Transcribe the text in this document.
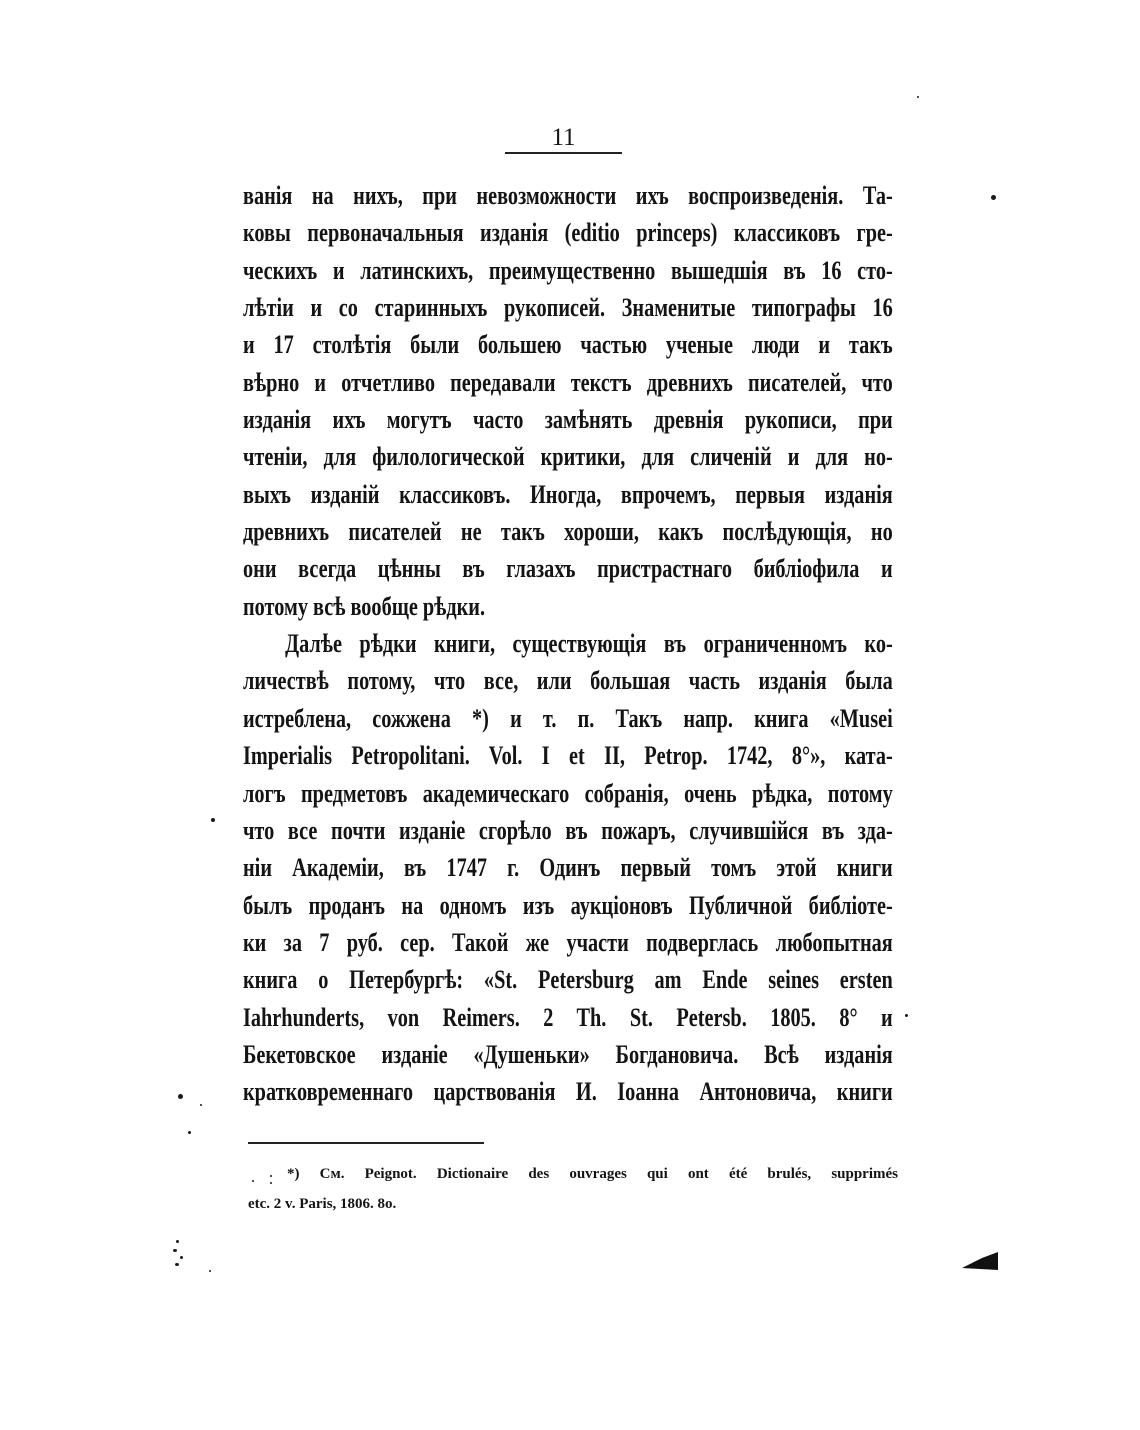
11
ванія на нихъ, при невозможности ихъ воспроизведенія. Та-
ковы первоначальныя изданія (editio princeps) классиковъ гре-
ческихъ и латинскихъ, преимущественно вышедшія въ 16 сто-
лѣтіи и со старинныхъ рукописей. Знаменитые типографы 16
и 17 столѣтія были большею частью ученые люди и такъ
вѣрно и отчетливо передавали текстъ древнихъ писателей, что
изданія ихъ могутъ часто замѣнять древнія рукописи, при
чтеніи, для филологической критики, для сличеній и для но-
выхъ изданій классиковъ. Иногда, впрочемъ, первыя изданія
древнихъ писателей не такъ хороши, какъ послѣдующія, но
они всегда цѣнны въ глазахъ пристрастнаго библіофила и
потому всѣ вообще рѣдки.
Далѣе рѣдки книги, существующія въ ограниченномъ ко-
личествѣ потому, что все, или большая часть изданія была
истреблена, сожжена *) и т. п. Такъ напр. книга «Musei
Imperialis Petropolitani. Vol. I et II, Petrop. 1742, 8°», ката-
логъ предметовъ академическаго собранія, очень рѣдка, потому
что все почти изданіе сгорѣло въ пожаръ, случившійся въ зда-
ніи Академіи, въ 1747 г. Одинъ первый томъ этой книги
былъ проданъ на одномъ изъ аукціоновъ Публичной библіоте-
ки за 7 руб. сер. Такой же участи подверглась любопытная
книга о Петербургѣ: «St. Petersburg am Ende seines ersten
Iahrhunderts, von Reimers. 2 Th. St. Petersb. 1805. 8° и
Бекетовское изданіе «Душеньки» Богдановича. Всѣ изданія
кратковременнаго царствованія И. Іоанна Антоновича, книги
*) См. Peignot. Dictionaire des ouvrages qui ont été brulés, supprimés
etc. 2 v. Paris, 1806. 8o.
